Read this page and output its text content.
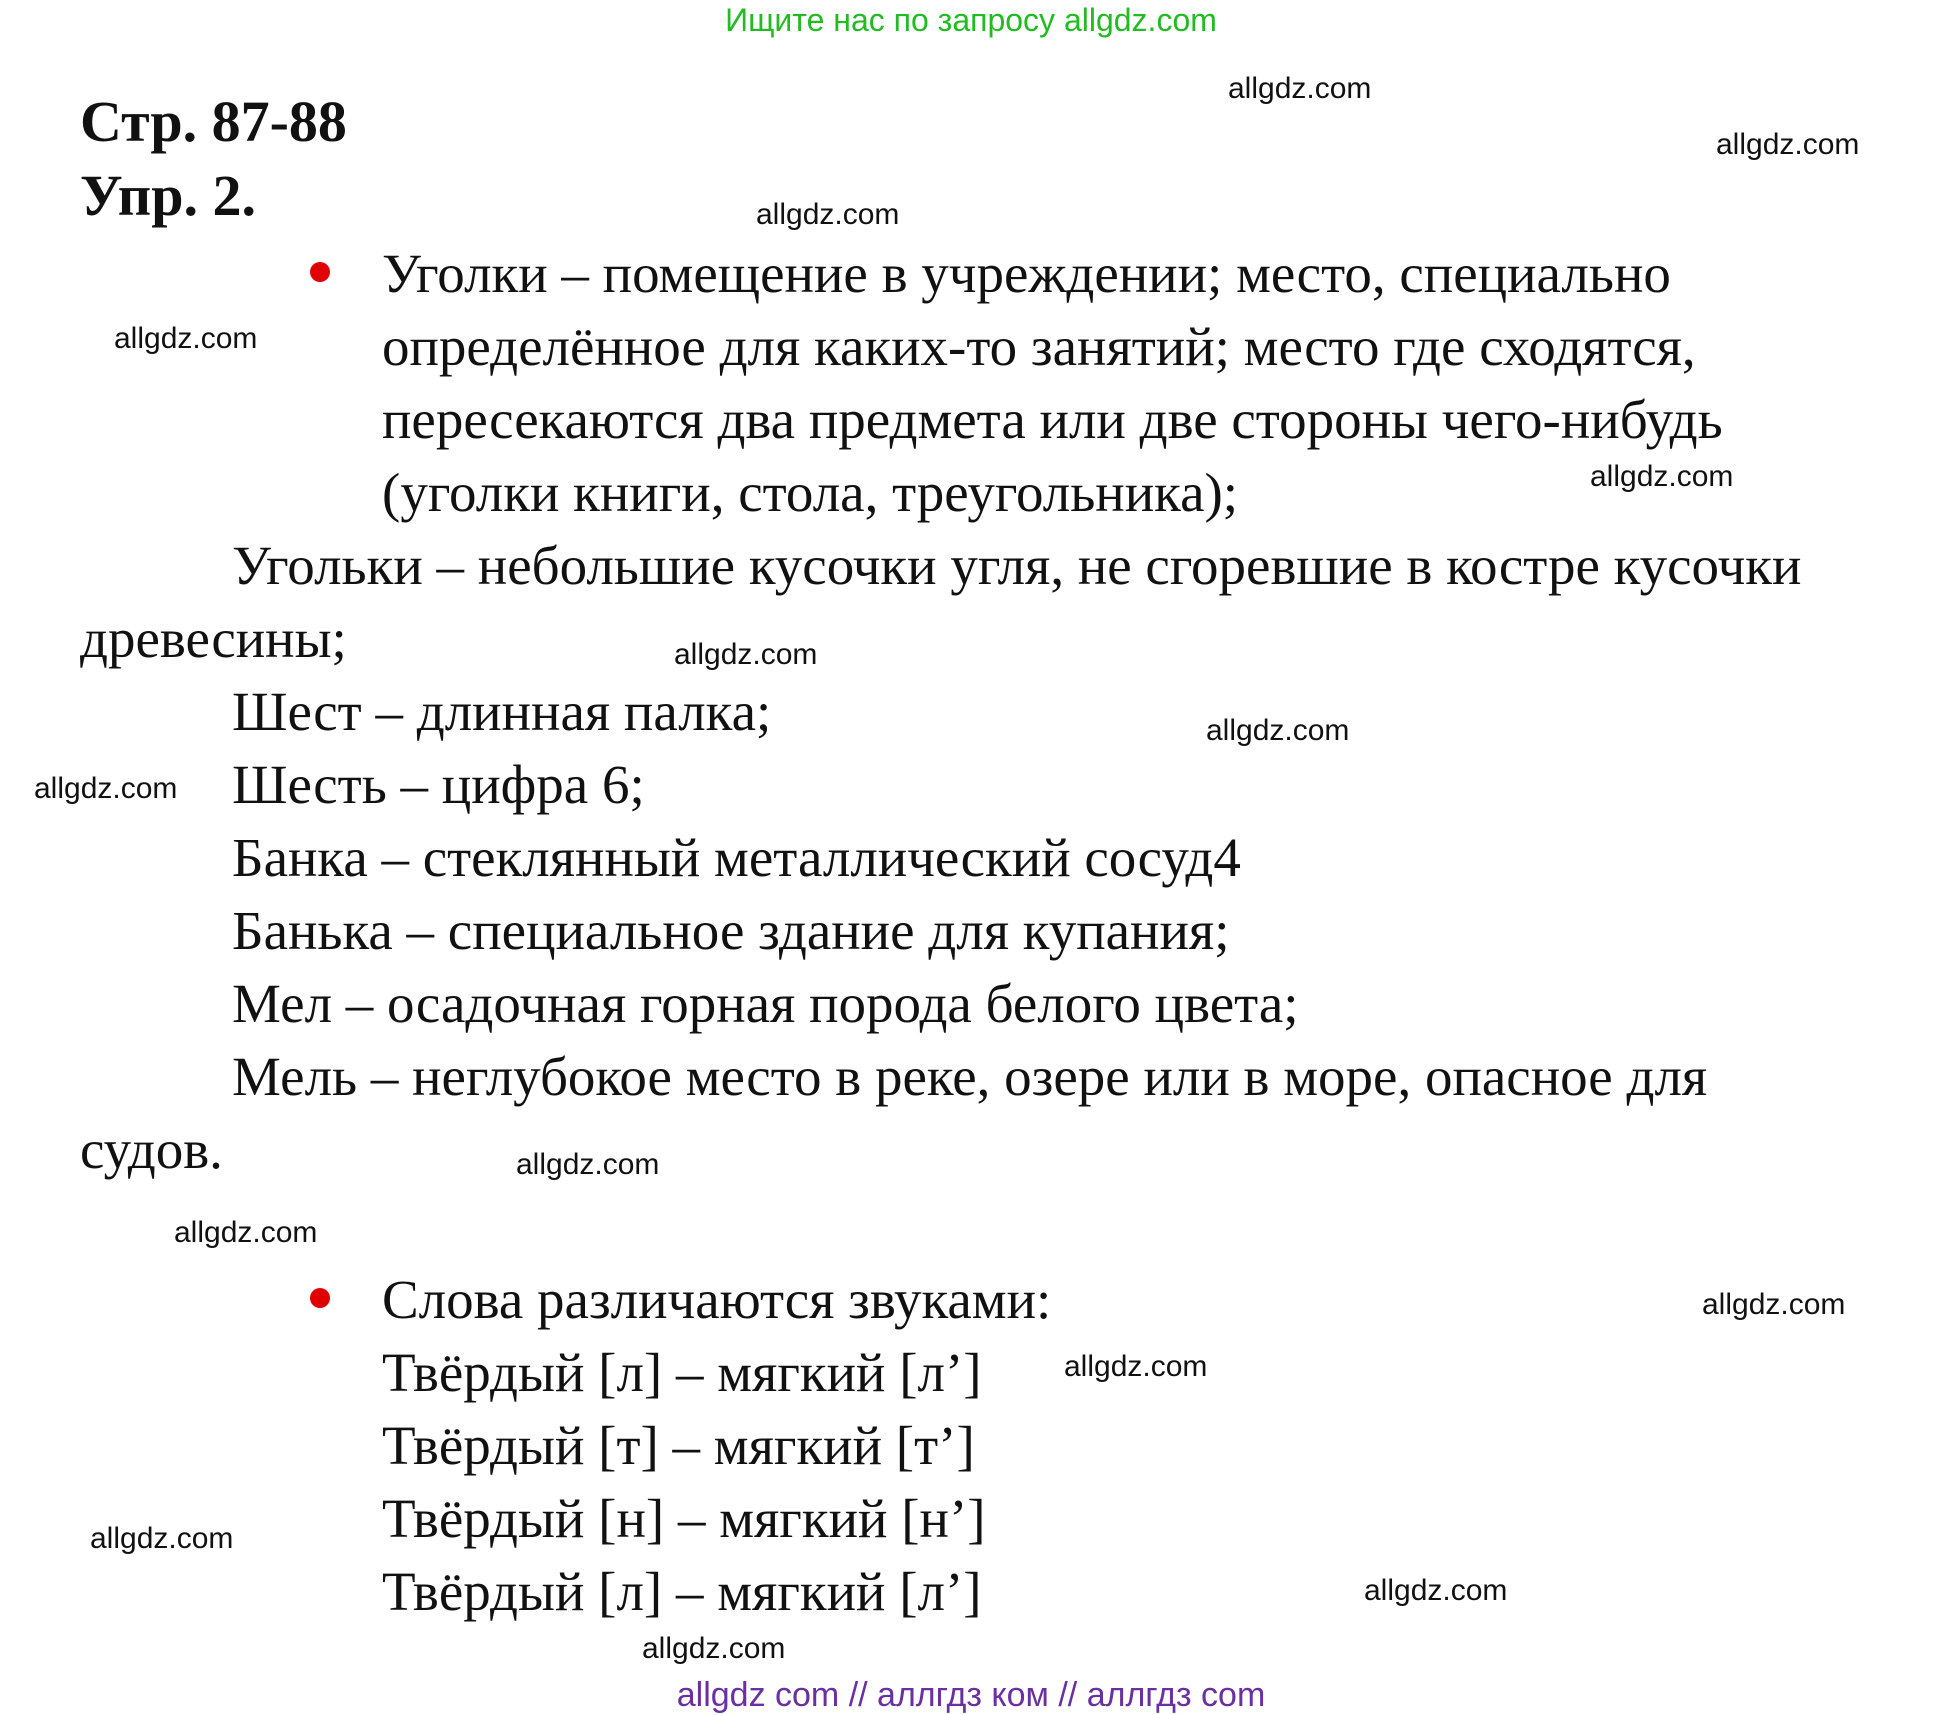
Ищите нас по запросу allgdz.com
Стр. 87-88
Упр. 2.
Уголки – помещение в учреждении; место, специально
определённое для каких-то занятий; место где сходятся,
пересекаются два предмета или две стороны чего-нибудь
(уголки книги, стола, треугольника);
Угольки – небольшие кусочки угля, не сгоревшие в костре кусочки
древесины;
Шест – длинная палка;
Шесть – цифра 6;
Банка – стеклянный металлический сосуд4
Банька – специальное здание для купания;
Мел – осадочная горная порода белого цвета;
Мель – неглубокое место в реке, озере или в море, опасное для
судов.
Слова различаются звуками:
Твёрдый [л] – мягкий [л’]
Твёрдый [т] – мягкий [т’]
Твёрдый [н] – мягкий [н’]
Твёрдый [л] – мягкий [л’]
allgdz.com
allgdz.com
allgdz.com
allgdz.com
allgdz.com
allgdz.com
allgdz.com
allgdz.com
allgdz.com
allgdz.com
allgdz.com
allgdz.com
allgdz.com
allgdz.com
allgdz.com
allgdz com // аллгдз ком // аллгдз com
